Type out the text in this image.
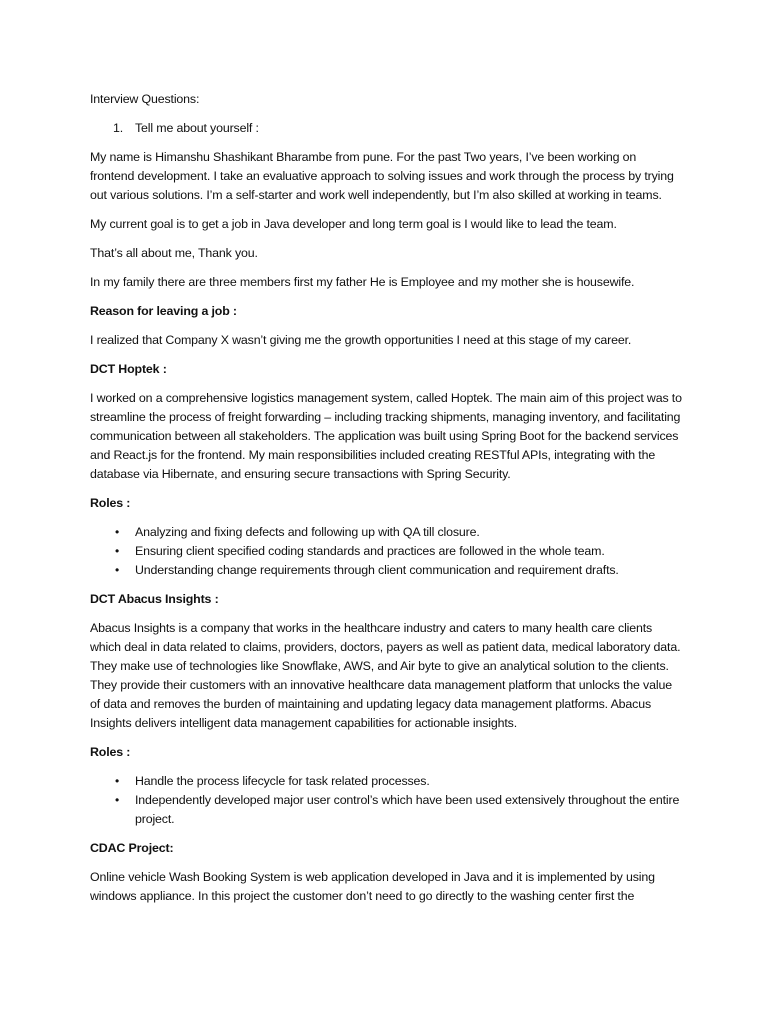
Interview Questions:

1. Tell me about yourself :

My name is Himanshu Shashikant Bharambe from pune. For the past Two years, I’ve been working on frontend development. I take an evaluative approach to solving issues and work through the process by trying out various solutions. I’m a self-starter and work well independently, but I’m also skilled at working in teams.

My current goal is to get a job in Java developer and long term goal is I would like to lead the team.

That’s all about me, Thank you.

In my family there are three members first my father He is Employee and my mother she is housewife.

Reason for leaving a job :

I realized that Company X wasn’t giving me the growth opportunities I need at this stage of my career.

DCT Hoptek :

I worked on a comprehensive logistics management system, called Hoptek. The main aim of this project was to streamline the process of freight forwarding – including tracking shipments, managing inventory, and facilitating communication between all stakeholders. The application was built using Spring Boot for the backend services and React.js for the frontend. My main responsibilities included creating RESTful APIs, integrating with the database via Hibernate, and ensuring secure transactions with Spring Security.

Roles :

• Analyzing and fixing defects and following up with QA till closure.
• Ensuring client specified coding standards and practices are followed in the whole team.
• Understanding change requirements through client communication and requirement drafts.

DCT Abacus Insights :

Abacus Insights is a company that works in the healthcare industry and caters to many health care clients which deal in data related to claims, providers, doctors, payers as well as patient data, medical laboratory data. They make use of technologies like Snowflake, AWS, and Air byte to give an analytical solution to the clients. They provide their customers with an innovative healthcare data management platform that unlocks the value of data and removes the burden of maintaining and updating legacy data management platforms. Abacus Insights delivers intelligent data management capabilities for actionable insights.

Roles :

• Handle the process lifecycle for task related processes.
• Independently developed major user control’s which have been used extensively throughout the entire project.

CDAC Project:

Online vehicle Wash Booking System is web application developed in Java and it is implemented by using windows appliance. In this project the customer don’t need to go directly to the washing center first the
